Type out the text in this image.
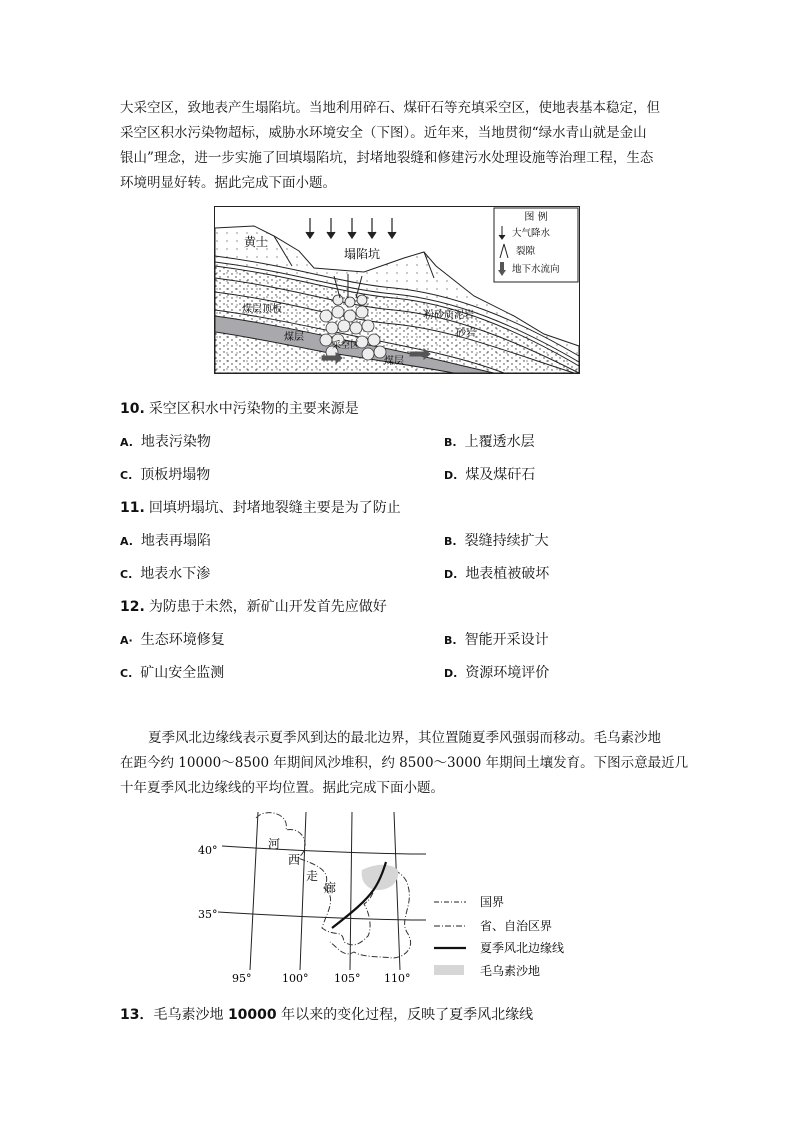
大采空区，致地表产生塌陷坑。当地利用碎石、煤矸石等充填采空区，使地表基本稳定，但
采空区积水污染物超标，威胁水环境安全（下图）。近年来，当地贯彻“绿水青山就是金山
银山”理念，进一步实施了回填塌陷坑，封堵地裂缝和修建污水处理设施等治理工程，生态
环境明显好转。据此完成下面小题。

图 例
大气降水
裂隙
地下水流向
黄土
塌陷坑
煤层顶板
煤层
采空区
煤层
粉砂质泥岩
砂岩
10. 采空区积水中污染物的主要来源是
A. 地表污染物	B. 上覆透水层
C. 顶板坍塌物	D. 煤及煤矸石
11. 回填坍塌坑、封堵地裂缝主要是为了防止
A. 地表再塌陷	B. 裂缝持续扩大
C. 地表水下渗	D. 地表植被破坏
12. 为防患于未然，新矿山开发首先应做好
A· 生态环境修复	B. 智能开采设计
C. 矿山安全监测	D. 资源环境评价

夏季风北边缘线表示夏季风到达的最北边界，其位置随夏季风强弱而移动。毛乌素沙地
在距今约 10000～8500 年期间风沙堆积，约 8500～3000 年期间土壤发育。下图示意最近几
十年夏季风北边缘线的平均位置。据此完成下面小题。

40°
35°
95°	100° 105° 110°
河
西
走
廊
国界
省、自治区界
夏季风北边缘线
毛乌素沙地
13．毛乌素沙地 10000 年以来的变化过程，反映了夏季风北缘线
